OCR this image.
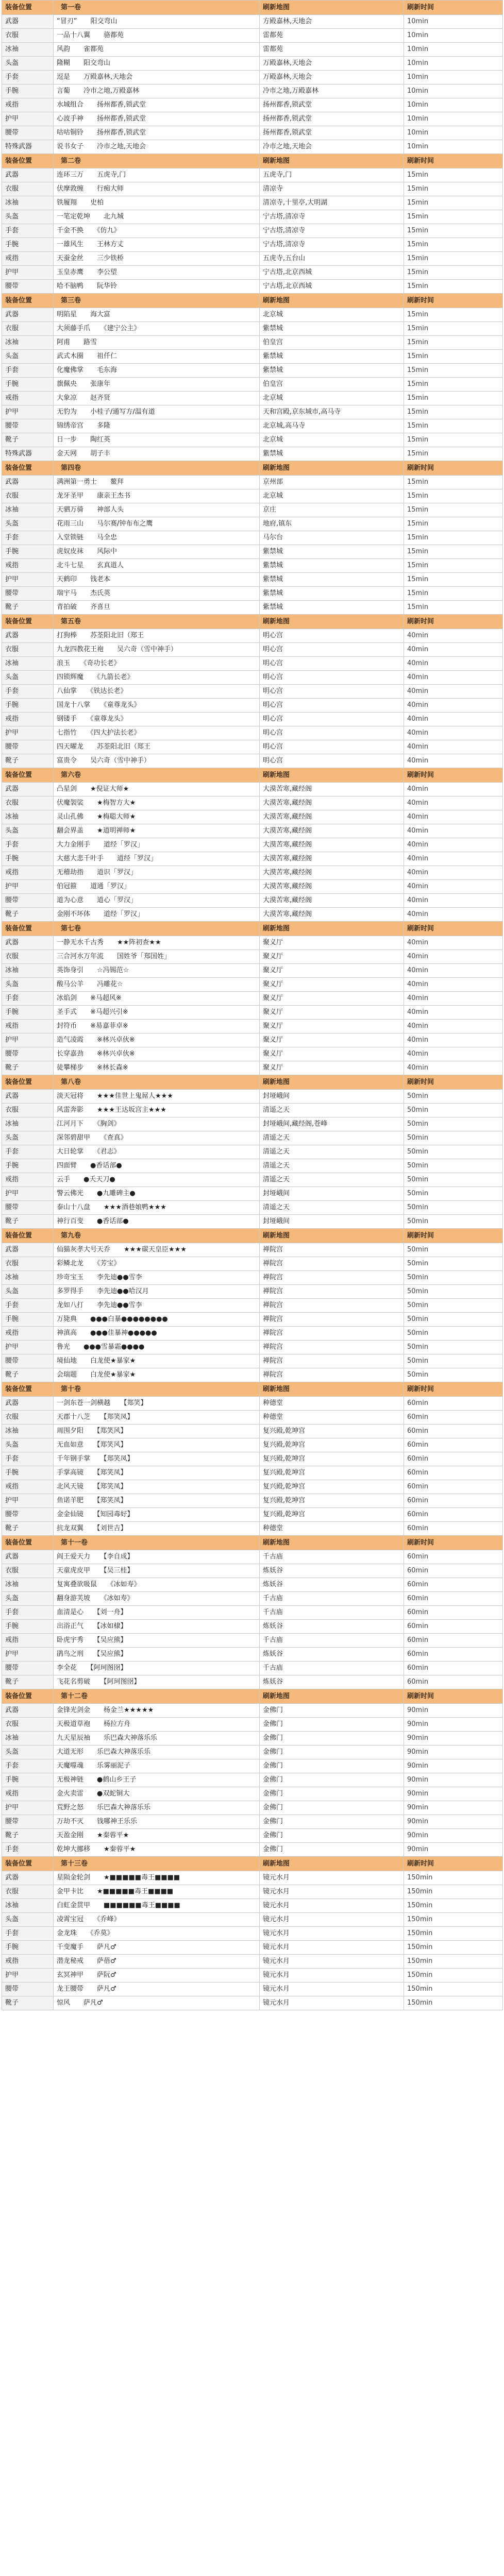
装备位置	第一卷	刷新地图	刷新时间
武器	“冒刃”　　阳交弯山	方殿嘉林,天地会	10min
衣服	一品十八翼　　骆都苑	雷都苑	10min
冰袖	风韵　　雀都苑	雷都苑	10min
头盔	隆糊　　阳交弯山	万殿嘉林,天地会	10min
手套	逗是　　万殿嘉林,天地会	万殿嘉林,天地会	10min
手腕	言葡　　冷市之地,万殿嘉林	冷市之地,万殿嘉林	10min
戒指	水城组合　　扬州都香,锁武堂	扬州都香,锁武堂	10min
护甲	心波手神　　扬州都香,锁武堂	扬州都香,锁武堂	10min
腰带	咕咕铜铃　　扬州都香,锁武堂	扬州都香,锁武堂	10min
特殊武器	说书女子　　冷市之地,天地会	冷市之地,天地会	10min
装备位置	第二卷	刷新地图	刷新时间
武器	连环三万　　五虎寺,门	五虎寺,门	15min
衣服	伏摩敦缠　　行痴大师	清凉寺	15min
冰袖	铁履翔　　史柏	清凉寺,十里亭,大明湖	15min
头盔	一笔定乾坤　　北九城	宁古塔,清凉寺	15min
手套	千金不换　　《仿九》	宁古塔,清凉寺	15min
手腕	一雄风生　　王林方丈	宁古塔,清凉寺	15min
戒指	天蚕金丝　　三少铁桥	五虎寺,五台山	15min
护甲	玉皇赤鹰　　李公望	宁古塔,北京西城	15min
腰带	哈不脑鸭　　阮华铃	宁古塔,北京西城	15min
装备位置	第三卷	刷新地图	刷新时间
武器	明陷星　　海大富	北京城	15min
衣服	大须藤手爪　　《建宁公主》	紫禁城	15min
冰袖	阿甫　　路雪	伯皇宫	15min
头盔	武式木圈　　祖仟仁	紫禁城	15min
手套	化魔佛掌　　毛东海	紫禁城	15min
手腕	旗佩央　　张康年	伯皇宫	15min
戒指	大象凉　　赵齐贤	北京城	15min
护甲	无豹为　　小桂子/通写方/温有道	天和宫殿,京东城市,高马寺	15min
腰带	锦绣帝宫　　多隆	北京城,高马寺	15min
靴子	日一步　　陶红英	北京城	15min
特殊武器	金天网　　胡子丰	紫禁城	15min
装备位置	第四卷	刷新地图	刷新时间
武器	满洲第一勇士　　鳌拜	京州部	15min
衣服	龙牙圣甲　　康亲王杰书	北京城	15min
冰袖	天驷万骑　　神部人头	京庄	15min
头盔	花雨三山　　马尔赛/钟布布之鹰	地府,镇东	15min
手套	入堂锁链　　马全忠	马尔台	15min
手腕	虎奴皮袜　　风际中	紫禁城	15min
戒指	北斗七星　　玄真道人	紫禁城	15min
护甲	天鹤印　　钱老本	紫禁城	15min
腰带	瑞宇马　　杰氏英	紫禁城	15min
靴子	青拍破　　齐喜旦	紫禁城	15min
装备位置	第五卷	刷新地图	刷新时间
武器	打狗棒　　苏荃阳北旧（郑王	明心宫	40min
衣服	九龙四教花王袍　　吴六奇（雪中神手）	明心宫	40min
冰袖	浪玉　　《奇功长老》	明心宫	40min
头盔	四锁辉魔　　《九箭长老》	明心宫	40min
手套	八仙掌　　《铁达长老》	明心宫	40min
手腕	国龙十八掌　　《童尊龙头》	明心宫	40min
戒指	钢镂手　　《童尊龙头》	明心宫	40min
护甲	七指竹　　《四大护法长老》	明心宫	40min
腰带	四天曜龙　　苏荃阳北旧（郑王	明心宫	40min
靴子	富贵令　　吴六奇（雪中神手）	明心宫	40min
装备位置	第六卷	刷新地图	刷新时间
武器	凸星剑　　★倪证大师★	大漠苦寒,藏经阁	40min
衣服	伏魔袈裟　　★梅智方大★	大漠苦寒,藏经阁	40min
冰袖	灵山孔佛　　★梅聪大师★	大漠苦寒,藏经阁	40min
头盔	翻会界盖　　★道明禅师★	大漠苦寒,藏经阁	40min
手套	大力金刚手　　道经「罗汉」	大漠苦寒,藏经阁	40min
手腕	大慈大悲千叶手　　道经「罗汉」	大漠苦寒,藏经阁	40min
戒指	无稽劫指　　道识「罗汉」	大漠苦寒,藏经阁	40min
护甲	伯冠箍　　道通「罗汉」	大漠苦寒,藏经阁	40min
腰带	道为心意　　道心「罗汉」	大漠苦寒,藏经阁	40min
靴子	金刚不坏体　　道经「罗汉」	大漠苦寒,藏经阁	40min
装备位置	第七卷	刷新地图	刷新时间
武器	一静无水千古秀　　★★阵初查★★	聚义厅	40min
衣服	三合河水万年流　　国姓爷「郑国姓」	聚义厅	40min
冰袖	英饰身引　　☆冯锡范☆	聚义厅	40min
头盔	酸马公羊　　冯雕花☆	聚义厅	40min
手套	冰焰剑　　※马超风※	聚义厅	40min
手腕	圣手式　　※马超兴引※	聚义厅	40min
戒指	封符币　　※易嘉菲卓※	聚义厅	40min
护甲	造气凌霞　　※林兴卓伙※	聚义厅	40min
腰带	长穿嘉劲　　※林兴卓伙※	聚义厅	40min
靴子	徒攀梯步　　※林长森※	聚义厅	40min
装备位置	第八卷	刷新地图	刷新时间
武器	淡天冠将　　★★★佳世上鬼屌人★★★	封垭峨间	50min
衣服	风雷奔影　　★★★王达坂宫主★★★	清遥之天	50min
冰袖	江河月下　　《胸剑》	封垭峨间,藏经阁,苍峰	50min
头盔	深邻碧甜甲　　《查真》	清遥之天	50min
手套	大日轮掌　　《君志》	清遥之天	50min
手腕	四面臂　　●香话部●	清遥之天	50min
戒指	云手　　●夭天刀●	清遥之天	50min
护甲	警云佛光　　●九雕碑主●	封垭峨间	50min
腰带	泰山十八盘　　★★★酒巷娘鸭★★★	清遥之天	50min
靴子	神行百变　　●香话部●	封垭峨间	50min
装备位置	第九卷	刷新地图	刷新时间
武器	仙猫灰孝大号天乔　　★★★碳天皇臣★★★	禅院宫	50min
衣服	彩鳞北龙　　《芳宝》	禅院宫	50min
冰袖	珍奇宝玉　　李先迪●●雪李	禅院宫	50min
头盔	多罗得手　　李先迪●●哈汉月	禅院宫	50min
手套	龙如八打　　李先迪●●雪李	禅院宫	50min
手腕	万毙典　　●●●白暴●●●●●●●●	禅院宫	50min
戒指	神滇高　　●●●佳暴神●●●●●	禅院宫	50min
护甲	鲁光　　●●●雪暴霜●●●●	禅院宫	50min
腰带	境仙地　　白龙使★暴家★	禅院宫	50min
靴子	会瑞题　　白龙使★暴家★	禅院宫	50min
装备位置	第十卷	刷新地图	刷新时间
武器	一剑东苍一剑横越　　【郑笑】	种德堂	60min
衣服	天郡十八芝　　【郑笑凤】	种德堂	60min
冰袖	周围夕阳　　【郑笑风】	复兴殿,乾坤宫	60min
头盔	无血如意　　【郑笑风】	复兴殿,乾坤宫	60min
手套	千年钢手掌　　【郑笑凤】	复兴殿,乾坤宫	60min
手腕	手掌高镜　　【郑笑凤】	复兴殿,乾坤宫	60min
戒指	北风天镜　　【郑笑凤】	复兴殿,乾坤宫	60min
护甲	鱼诺羊肥　　【郑笑凤】	复兴殿,乾坤宫	60min
腰带	金金仙镜　　【知园毒好】	复兴殿,乾坤宫	60min
靴子	抗龙双翼　　【刘世吉】	种德堂	60min
装备位置	第十一卷	刷新地图	刷新时间
武器	阎王爱天力　　【李自成】	千古庙	60min
衣服	天童虎皮甲　　【吴三桂】	炼妖谷	60min
冰袖	复寓叠欲吸鼠　　《冰如寿》	炼妖谷	60min
头盔	翻身游芙坡　　《冰如寿》	千古庙	60min
手套	血清是心　　【刘一舟】	千古庙	60min
手腕	出浴正气　　【冰如棣】	炼妖谷	60min
戒指	卧虎宇秀　　【吴应熊】	千古庙	60min
护甲	鹃鸟之刑　　【吴应熊】	炼妖谷	60min
腰带	李全花　　【阿珂图囹】	千古庙	60min
靴子	飞花名剪破　　【阿珂图囹】	炼妖谷	60min
装备位置	第十二卷	刷新地图	刷新时间
武器	金锋光剑金　　杨金兰★★★★★	金佛门	90min
衣服	天极道草袍　　杨拉方舟	金佛门	90min
冰袖	九天星辰袖　　乐巴森大神落乐乐	金佛门	90min
头盔	大道无形　　乐巴森大神落乐乐	金佛门	90min
手套	天魔噬魂　　乐雾丽泥子	金佛门	90min
手腕	无极神链　　●鹤山乡王子	金佛门	90min
戒指	金火卖雷　　●双蛇铜大	金佛门	90min
护甲	荒野之怒　　乐巴森大神落乐乐	金佛门	90min
腰带	万劫不灭　　钱哪神王乐乐	金佛门	90min
靴子	天盈金刚　　★秦蓉平★	金佛门	90min
手套	乾坤大挪移　　★秦蓉平★	金佛门	90min
装备位置	第十三卷	刷新地图	刷新时间
武器	星陨金轮剑　　★■■■■■毒王■■■■	镜元水月	150min
衣服	金甲卡比　　★■■■■■毒王■■■■	镜元水月	150min
冰袖	白虹金贯甲　　■■■■■■毒王■■■■	镜元水月	150min
头盔	凌霄宝冠　　《乔峰》	镜元水月	150min
手套	金龙珠　　《乔莫》	镜元水月	150min
手腕	千变魔手　　萨凡♂	镜元水月	150min
戒指	潜龙秘戒　　萨蓓♂	镜元水月	150min
护甲	玄冥神甲　　萨阮♂	镜元水月	150min
腰带	龙王腰带　　萨凡♂	镜元水月	150min
靴子	惊风　　萨凡♂	镜元水月	150min
